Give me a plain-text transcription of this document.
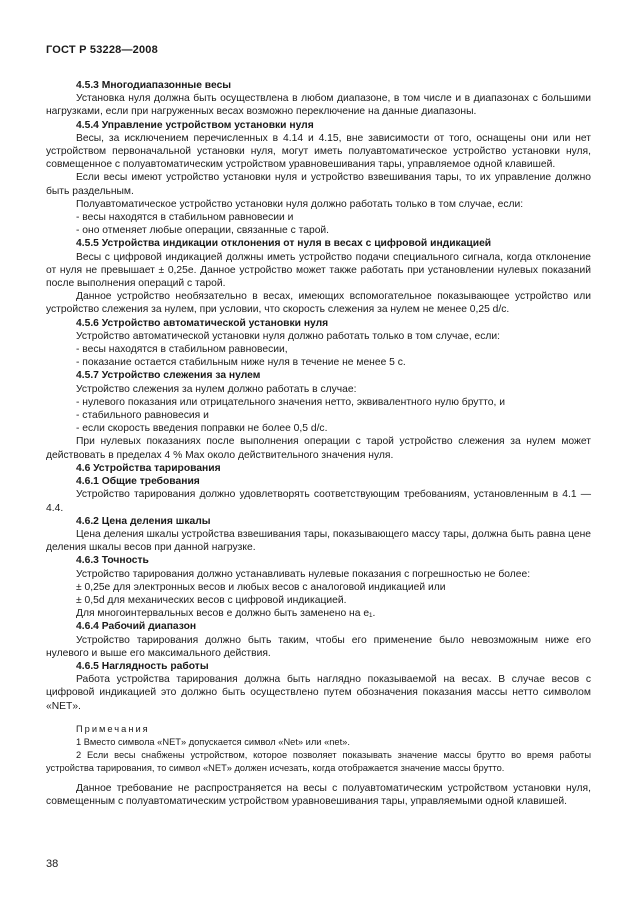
ГОСТ Р 53228—2008
4.5.3 Многодиапазонные весы
Установка нуля должна быть осуществлена в любом диапазоне, в том числе и в диапазонах с большими нагрузками, если при нагруженных весах возможно переключение на данные диапазоны.
4.5.4 Управление устройством установки нуля
Весы, за исключением перечисленных в 4.14 и 4.15, вне зависимости от того, оснащены они или нет устройством первоначальной установки нуля, могут иметь полуавтоматическое устройство установки нуля, совмещенное с полуавтоматическим устройством уравновешивания тары, управляемое одной клавишей.
Если весы имеют устройство установки нуля и устройство взвешивания тары, то их управление должно быть раздельным.
Полуавтоматическое устройство установки нуля должно работать только в том случае, если:
- весы находятся в стабильном равновесии и
- оно отменяет любые операции, связанные с тарой.
4.5.5 Устройства индикации отклонения от нуля в весах с цифровой индикацией
Весы с цифровой индикацией должны иметь устройство подачи специального сигнала, когда отклонение от нуля не превышает ± 0,25e. Данное устройство может также работать при установлении нулевых показаний после выполнения операций с тарой.
Данное устройство необязательно в весах, имеющих вспомогательное показывающее устройство или устройство слежения за нулем, при условии, что скорость слежения за нулем не менее 0,25 d/c.
4.5.6 Устройство автоматической установки нуля
Устройство автоматической установки нуля должно работать только в том случае, если:
- весы находятся в стабильном равновесии,
- показание остается стабильным ниже нуля в течение не менее 5 с.
4.5.7 Устройство слежения за нулем
Устройство слежения за нулем должно работать в случае:
- нулевого показания или отрицательного значения нетто, эквивалентного нулю брутто, и
- стабильного равновесия и
- если скорость введения поправки не более 0,5 d/c.
При нулевых показаниях после выполнения операции с тарой устройство слежения за нулем может действовать в пределах 4 % Max около действительного значения нуля.
4.6 Устройства тарирования
4.6.1 Общие требования
Устройство тарирования должно удовлетворять соответствующим требованиям, установленным в 4.1 — 4.4.
4.6.2 Цена деления шкалы
Цена деления шкалы устройства взвешивания тары, показывающего массу тары, должна быть равна цене деления шкалы весов при данной нагрузке.
4.6.3 Точность
Устройство тарирования должно устанавливать нулевые показания с погрешностью не более:
± 0,25e для электронных весов и любых весов с аналоговой индикацией или
± 0,5d для механических весов с цифровой индикацией.
Для многоинтервальных весов e должно быть заменено на e₁.
4.6.4 Рабочий диапазон
Устройство тарирования должно быть таким, чтобы его применение было невозможным ниже его нулевого и выше его максимального действия.
4.6.5 Наглядность работы
Работа устройства тарирования должна быть наглядно показываемой на весах. В случае весов с цифровой индикацией это должно быть осуществлено путем обозначения показания массы нетто символом «NET».
Примечания
1 Вместо символа «NET» допускается символ «Net» или «net».
2 Если весы снабжены устройством, которое позволяет показывать значение массы брутто во время работы устройства тарирования, то символ «NET» должен исчезать, когда отображается значение массы брутто.
Данное требование не распространяется на весы с полуавтоматическим устройством установки нуля, совмещенным с полуавтоматическим устройством уравновешивания тары, управляемыми одной клавишей.
38
